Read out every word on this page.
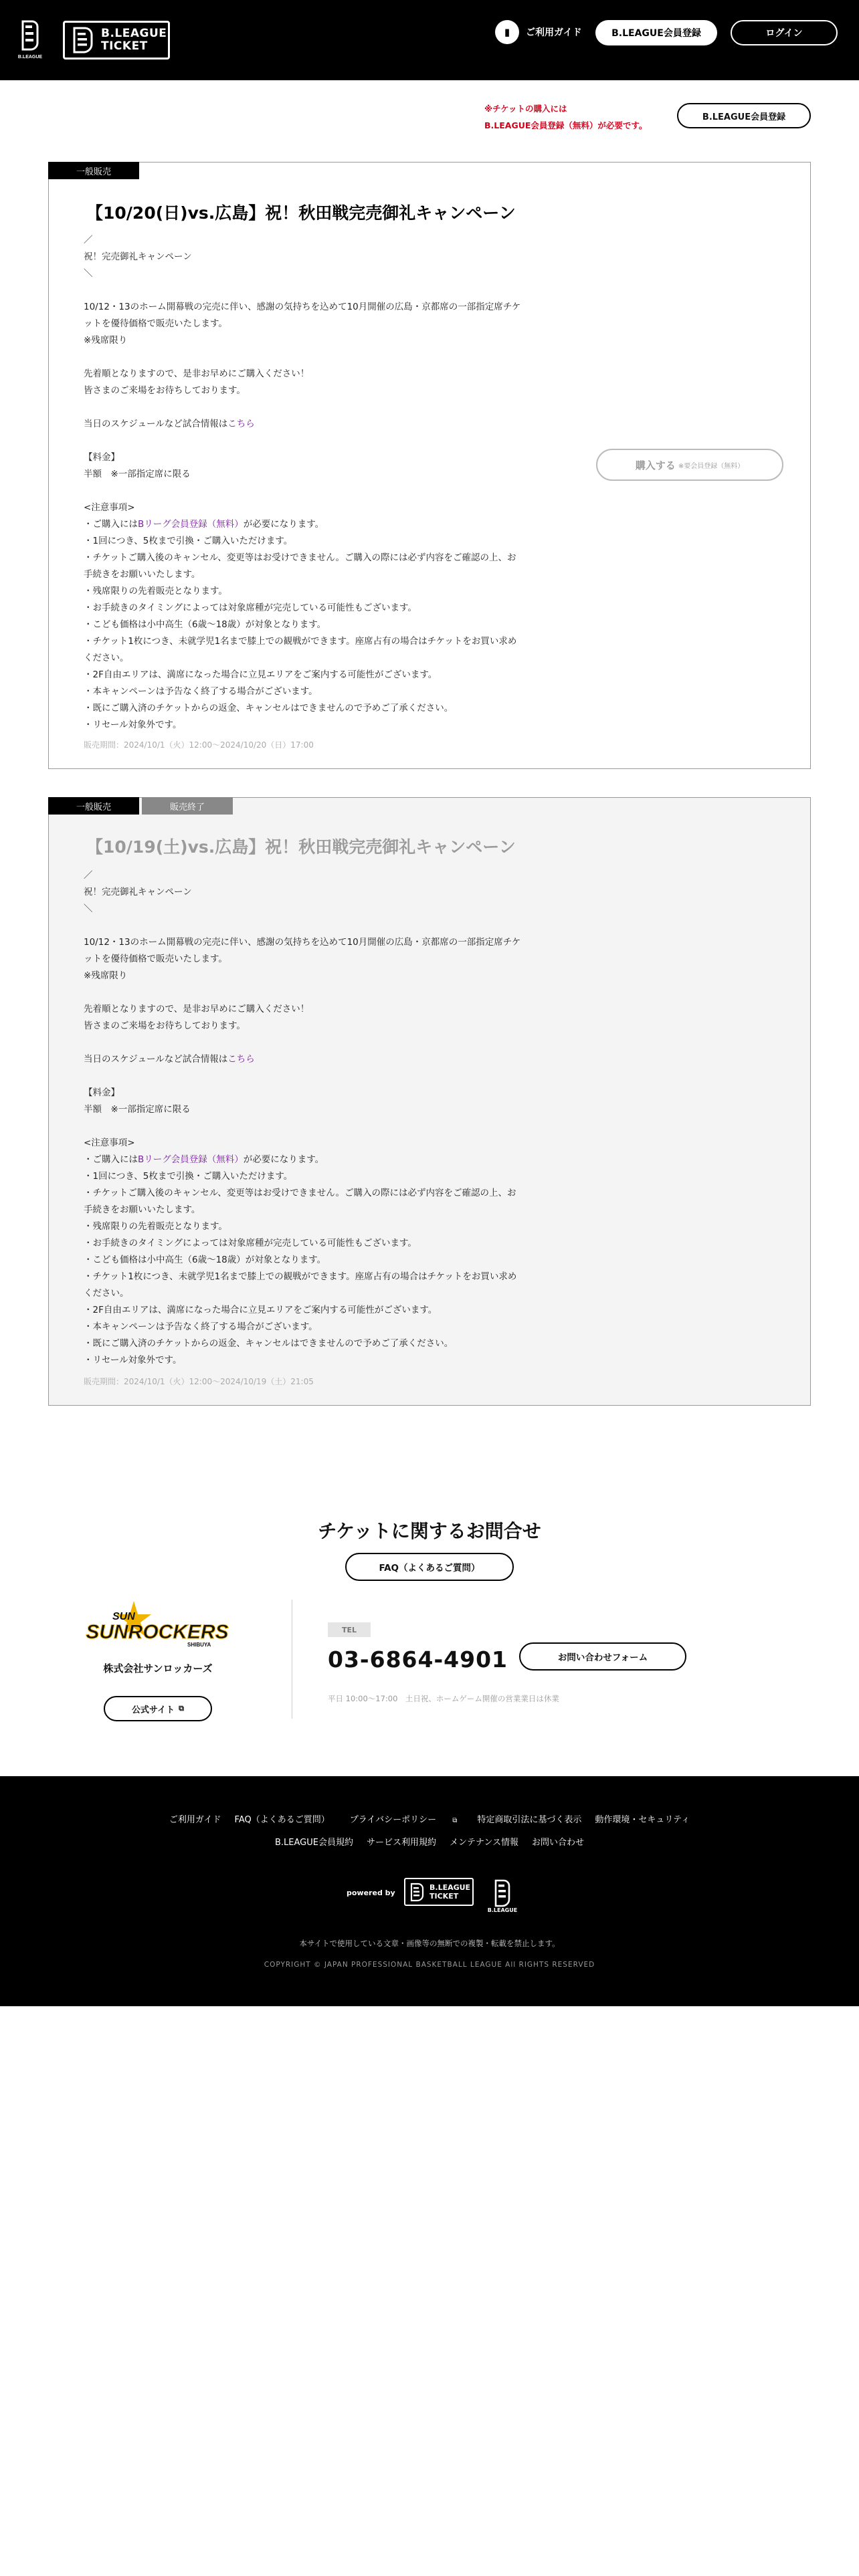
B.LEAGUE
B.LEAGUE
TICKET
▮	ご利用ガイド	B.LEAGUE会員登録	ログイン
※チケットの購入には
B.LEAGUE会員登録（無料）が必要です。
B.LEAGUE会員登録
一般販売
【10/20(日)vs.広島】祝！秋田戦完売御礼キャンペーン
／
祝！完売御礼キャンペーン
＼
10/12・13のホーム開幕戦の完売に伴い、感謝の気持ちを込めて10月開催の広島・京都席の一部指定席チケ
ットを優待価格で販売いたします。
※残席限り
先着順となりますので、是非お早めにご購入ください！
皆さまのご来場をお待ちしております。
当日のスケジュールなど試合情報はこちら
【料金】
半額　※一部指定席に限る
<注意事項>
・ご購入にはBリーグ会員登録（無料）が必要になります。
・1回につき、5枚まで引換・ご購入いただけます。
・チケットご購入後のキャンセル、変更等はお受けできません。ご購入の際には必ず内容をご確認の上、お
手続きをお願いいたします。
・残席限りの先着販売となります。
・お手続きのタイミングによっては対象席種が完売している可能性もございます。
・こども価格は小中高生（6歳〜18歳）が対象となります。
・チケット1枚につき、未就学児1名まで膝上での観戦ができます。座席占有の場合はチケットをお買い求め
ください。
・2F自由エリアは、満席になった場合に立見エリアをご案内する可能性がございます。
・本キャンペーンは予告なく終了する場合がございます。
・既にご購入済のチケットからの返金、キャンセルはできませんので予めご了承ください。
・リセール対象外です。
販売期間：2024/10/1（火）12:00〜2024/10/20（日）17:00
購入する ※要会員登録（無料）
一般販売	販売終了
【10/19(土)vs.広島】祝！秋田戦完売御礼キャンペーン
／
祝！完売御礼キャンペーン
＼
10/12・13のホーム開幕戦の完売に伴い、感謝の気持ちを込めて10月開催の広島・京都席の一部指定席チケ
ットを優待価格で販売いたします。
※残席限り
先着順となりますので、是非お早めにご購入ください！
皆さまのご来場をお待ちしております。
当日のスケジュールなど試合情報はこちら
【料金】
半額　※一部指定席に限る
<注意事項>
・ご購入にはBリーグ会員登録（無料）が必要になります。
・1回につき、5枚まで引換・ご購入いただけます。
・チケットご購入後のキャンセル、変更等はお受けできません。ご購入の際には必ず内容をご確認の上、お
手続きをお願いいたします。
・残席限りの先着販売となります。
・お手続きのタイミングによっては対象席種が完売している可能性もございます。
・こども価格は小中高生（6歳〜18歳）が対象となります。
・チケット1枚につき、未就学児1名まで膝上での観戦ができます。座席占有の場合はチケットをお買い求め
ください。
・2F自由エリアは、満席になった場合に立見エリアをご案内する可能性がございます。
・本キャンペーンは予告なく終了する場合がございます。
・既にご購入済のチケットからの返金、キャンセルはできませんので予めご了承ください。
・リセール対象外です。
販売期間：2024/10/1（火）12:00〜2024/10/19（土）21:05
チケットに関するお問合せ
FAQ（よくあるご質問）
SUN
SUNROCKERS
SHIBUYA
株式会社サンロッカーズ
公式サイト ⧉
TEL
03-6864-4901	お問い合わせフォーム
平日 10:00〜17:00　土日祝、ホームゲーム開催の営業業日は休業
ご利用ガイド FAQ（よくあるご質問）	プライバシーポリシー ⧉	特定商取引法に基づく表示 動作環境・セキュリティ
B.LEAGUE会員規約 サービス利用規約 メンテナンス情報 お問い合わせ
powered by
B.LEAGUE
TICKET
B.LEAGUE
本サイトで使用している文章・画像等の無断での複製・転載を禁止します。
COPYRIGHT © JAPAN PROFESSIONAL BASKETBALL LEAGUE All RIGHTS RESERVED
